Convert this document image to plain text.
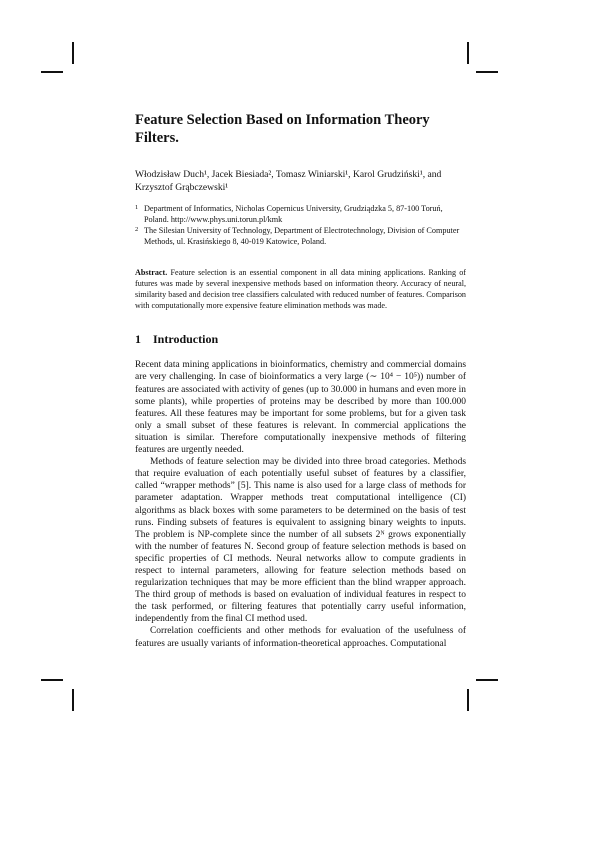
Feature Selection Based on Information Theory Filters.
Włodzisław Duch¹, Jacek Biesiada², Tomasz Winiarski¹, Karol Grudziński¹, and Krzysztof Grąbczewski¹
1 Department of Informatics, Nicholas Copernicus University, Grudziądzka 5, 87-100 Toruń, Poland. http://www.phys.uni.torun.pl/kmk
2 The Silesian University of Technology, Department of Electrotechnology, Division of Computer Methods, ul. Krasińskiego 8, 40-019 Katowice, Poland.
Abstract. Feature selection is an essential component in all data mining applications. Ranking of futures was made by several inexpensive methods based on information theory. Accuracy of neural, similarity based and decision tree classifiers calculated with reduced number of features. Comparison with computationally more expensive feature elimination methods was made.
1	Introduction

Recent data mining applications in bioinformatics, chemistry and commercial domains are very challenging. In case of bioinformatics a very large (∼ 10⁴ − 10⁵)) number of features are associated with activity of genes (up to 30.000 in humans and even more in some plants), while properties of proteins may be described by more than 100.000 features. All these features may be important for some problems, but for a given task only a small subset of these features is relevant. In commercial applications the situation is similar. Therefore computationally inexpensive methods of filtering features are urgently needed.

Methods of feature selection may be divided into three broad categories. Methods that require evaluation of each potentially useful subset of features by a classifier, called “wrapper methods” [5]. This name is also used for a large class of methods for parameter adaptation. Wrapper methods treat computational intelligence (CI) algorithms as black boxes with some parameters to be determined on the basis of test runs. Finding subsets of features is equivalent to assigning binary weights to inputs. The problem is NP-complete since the number of all subsets 2ᴺ grows exponentially with the number of features N. Second group of feature selection methods is based on specific properties of CI methods. Neural networks allow to compute gradients in respect to internal parameters, allowing for feature selection methods based on regularization techniques that may be more efficient than the blind wrapper approach. The third group of methods is based on evaluation of individual features in respect to the task performed, or filtering features that potentially carry useful information, independently from the final CI method used.

Correlation coefficients and other methods for evaluation of the usefulness of features are usually variants of information-theoretical approaches. Computational
